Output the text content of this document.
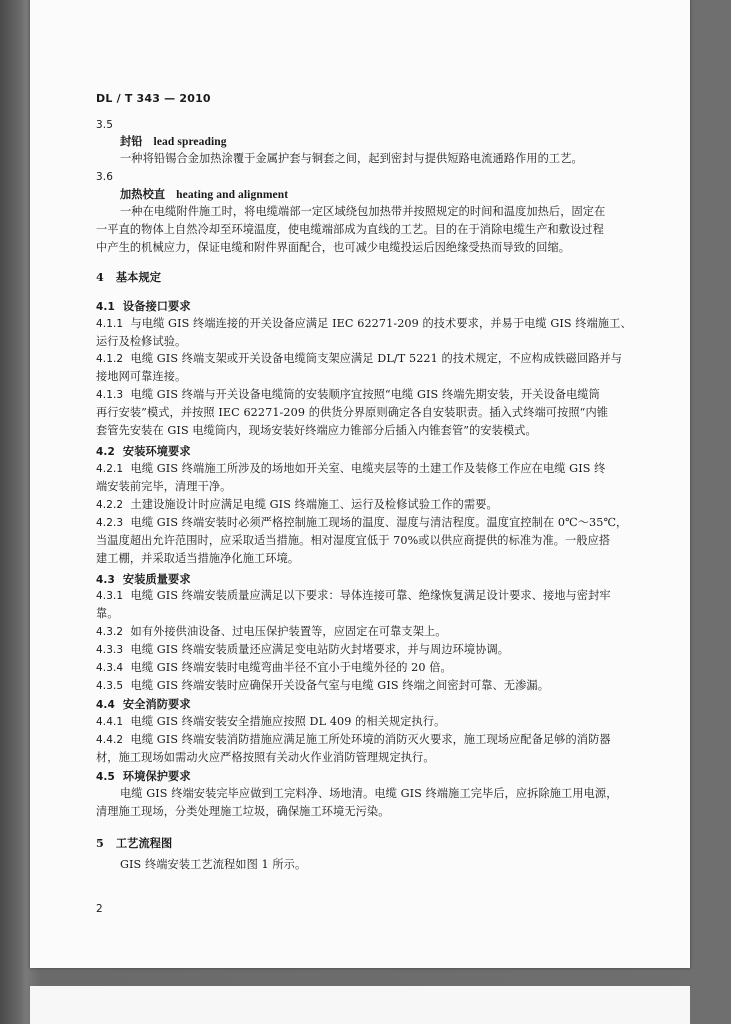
DL / T 343 — 2010
3.5
封铅 lead spreading
一种将铅锡合金加热涂覆于金属护套与铜套之间，起到密封与提供短路电流通路作用的工艺。
3.6
加热校直 heating and alignment
一种在电缆附件施工时，将电缆端部一定区域绕包加热带并按照规定的时间和温度加热后，固定在
一平直的物体上自然冷却至环境温度，使电缆端部成为直线的工艺。目的在于消除电缆生产和敷设过程
中产生的机械应力，保证电缆和附件界面配合，也可减少电缆投运后因绝缘受热而导致的回缩。
4 基本规定
4.1 设备接口要求
4.1.1 与电缆 GIS 终端连接的开关设备应满足 IEC 62271-209 的技术要求，并易于电缆 GIS 终端施工、
运行及检修试验。
4.1.2 电缆 GIS 终端支架或开关设备电缆筒支架应满足 DL/T 5221 的技术规定，不应构成铁磁回路并与
接地网可靠连接。
4.1.3 电缆 GIS 终端与开关设备电缆筒的安装顺序宜按照“电缆 GIS 终端先期安装，开关设备电缆筒
再行安装”模式，并按照 IEC 62271-209 的供货分界原则确定各自安装职责。插入式终端可按照“内锥
套管先安装在 GIS 电缆筒内，现场安装好终端应力锥部分后插入内锥套管”的安装模式。
4.2 安装环境要求
4.2.1 电缆 GIS 终端施工所涉及的场地如开关室、电缆夹层等的土建工作及装修工作应在电缆 GIS 终
端安装前完毕，清理干净。
4.2.2 土建设施设计时应满足电缆 GIS 终端施工、运行及检修试验工作的需要。
4.2.3 电缆 GIS 终端安装时必须严格控制施工现场的温度、湿度与清洁程度。温度宜控制在 0℃～35℃，
当温度超出允许范围时，应采取适当措施。相对湿度宜低于 70%或以供应商提供的标准为准。一般应搭
建工棚，并采取适当措施净化施工环境。
4.3 安装质量要求
4.3.1 电缆 GIS 终端安装质量应满足以下要求：导体连接可靠、绝缘恢复满足设计要求、接地与密封牢
靠。
4.3.2 如有外接供油设备、过电压保护装置等，应固定在可靠支架上。
4.3.3 电缆 GIS 终端安装质量还应满足变电站防火封堵要求，并与周边环境协调。
4.3.4 电缆 GIS 终端安装时电缆弯曲半径不宜小于电缆外径的 20 倍。
4.3.5 电缆 GIS 终端安装时应确保开关设备气室与电缆 GIS 终端之间密封可靠、无渗漏。
4.4 安全消防要求
4.4.1 电缆 GIS 终端安装安全措施应按照 DL 409 的相关规定执行。
4.4.2 电缆 GIS 终端安装消防措施应满足施工所处环境的消防灭火要求，施工现场应配备足够的消防器
材，施工现场如需动火应严格按照有关动火作业消防管理规定执行。
4.5 环境保护要求
电缆 GIS 终端安装完毕应做到工完料净、场地清。电缆 GIS 终端施工完毕后，应拆除施工用电源，
清理施工现场，分类处理施工垃圾，确保施工环境无污染。
5 工艺流程图
GIS 终端安装工艺流程如图 1 所示。
2
